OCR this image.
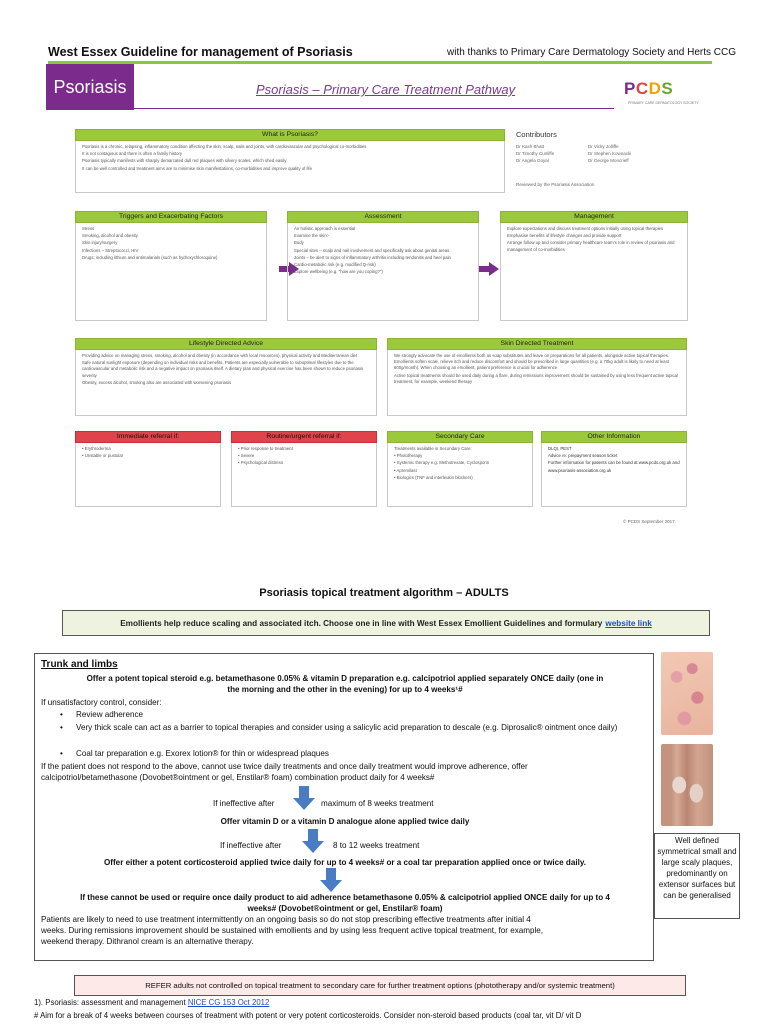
West Essex Guideline for management of Psoriasis	with thanks to Primary Care Dermatology Society and Herts CCG
Psoriasis	Psoriasis – Primary Care Treatment Pathway	P C D S
PRIMARY CARE DERMATOLOGY SOCIETY
What is Psoriasis?

Psoriasis is a chronic, relapsing, inflammatory condition affecting the skin, scalp, nails and joints, with cardiovascular and psychological co-morbidities

It is not contagious and there is often a family history

Psoriasis typically manifests with sharply demarcated dull red plaques with silvery scales, which shed easily

It can be well controlled and treatment aims are to minimise skin manifestations, co-morbidities and improve quality of life

Contributors
Dr Kash Bhatt	Dr Vicky Jolliffe
Dr Timothy Cunliffe	Dr Stephen Kownacki
Dr Angela Goyal	Dr George Moncrieff
Reviewed by the Psoriasis Association
Triggers and Exacerbating Factors

Stress

Smoking, alcohol and obesity

Skin injury/surgery

Infections – Streptococci, HIV

Drugs; including lithium and antimalarials (such as hydroxychloroquine)

Assessment

An holistic approach is essential

Examine the skin:-

Body

Special sites – scalp and nail involvement and specifically ask about genital areas

Joints – be alert to signs of inflammatory arthritis including tendonitis and heel pain

Cardio-metabolic risk (e.g. modified Q-risk)

Explore wellbeing (e.g. "how are you coping?")

Management

Explore expectations and discuss treatment options initially using topical therapies

Emphasise benefits of lifestyle changes and provide support

Arrange follow up and consider primary healthcare team's role in review of psoriasis and management of co-morbidities

Lifestyle Directed Advice

Providing advice on managing stress, smoking, alcohol and obesity (in accordance with local resources), physical activity and Mediterranean diet

Safe natural sunlight exposure (depending on individual risks and benefits. Patients are especially vulnerable to suboptimal lifestyles due to the cardiovascular and metabolic risk and a negative impact on psoriasis itself. A dietary plan and physical exercise has been shown to reduce psoriasis severity

Obesity, excess alcohol, smoking also are associated with worsening psoriasis

Skin Directed Treatment

We strongly advocate the use of emollients both as soap substitutes and leave on preparations for all patients, alongside active topical therapies. Emollients soften scale, relieve itch and reduce discomfort and should be prescribed in large quantities (e.g. a 70kg adult is likely to need at least 600g/month). When choosing an emollient, patient preference is crucial for adherence

Active topical treatments should be used daily during a flare, during remissions improvement should be sustained by using less frequent active topical treatment, for example, weekend therapy

Immediate referral if:

• Erythroderma

• Unstable or pustular

Routine/urgent referral if:

• Prior response to treatment

• Severe

• Psychological distress

Secondary Care

Treatments available in Secondary Care:

• Phototherapy

• Systemic therapy e.g. Methotrexate, Cyclosporin

• Apremilast

• Biologics (TNF and interleukin blockers)

Other Information

DLQI, PEST

Advice re: prepayment season ticket

Further information for patients can be found at www.pcds.org.uk and

www.psoriasis-association.org.uk

© PCDS September 2017
Psoriasis topical treatment algorithm – ADULTS
Emollients help reduce scaling and associated itch. Choose one in line with West Essex Emollient Guidelines and formulary website link
Trunk and limbs
Offer a potent topical steroid e.g. betamethasone 0.05% & vitamin D preparation e.g. calcipotriol applied separately ONCE daily (one in
the morning and the other in the evening) for up to 4 weeks¹#
If unsatisfactory control, consider:
• Review adherence
• Very thick scale can act as a barrier to topical therapies and consider using a salicylic acid preparation to descale (e.g. Diprosalic® ointment once daily)
• Coal tar preparation e.g. Exorex lotion® for thin or widespread plaques
If the patient does not respond to the above, cannot use twice daily treatments and once daily treatment would improve adherence, offer
calcipotriol/betamethasone (Dovobet®ointment or gel, Enstilar® foam) combination product daily for 4 weeks#
If ineffective after	maximum of 8 weeks treatment
Offer vitamin D or a vitamin D analogue alone applied twice daily
If ineffective after	8 to 12 weeks treatment
Offer either a potent corticosteroid applied twice daily for up to 4 weeks# or a coal tar preparation applied once or twice daily.
If these cannot be used or require once daily product to aid adherence betamethasone 0.05% & calcipotriol applied ONCE daily for up to 4
weeks# (Dovobet®ointment or gel, Enstilar® foam)
Patients are likely to need to use treatment intermittently on an ongoing basis so do not stop prescribing effective treatments after initial 4
weeks. During remissions improvement should be sustained with emollients and by using less frequent active topical treatment, for example,
weekend therapy. Dithranol cream is an alternative therapy.
Well defined symmetrical small and large scaly plaques, predominantly on extensor surfaces but can be generalised
REFER adults not controlled on topical treatment to secondary care for further treatment options (phototherapy and/or systemic treatment)
1). Psoriasis: assessment and management NICE CG 153 Oct 2012
# Aim for a break of 4 weeks between courses of treatment with potent or very potent corticosteroids. Consider non-steroid based products (coal tar, vit D/ vit D
